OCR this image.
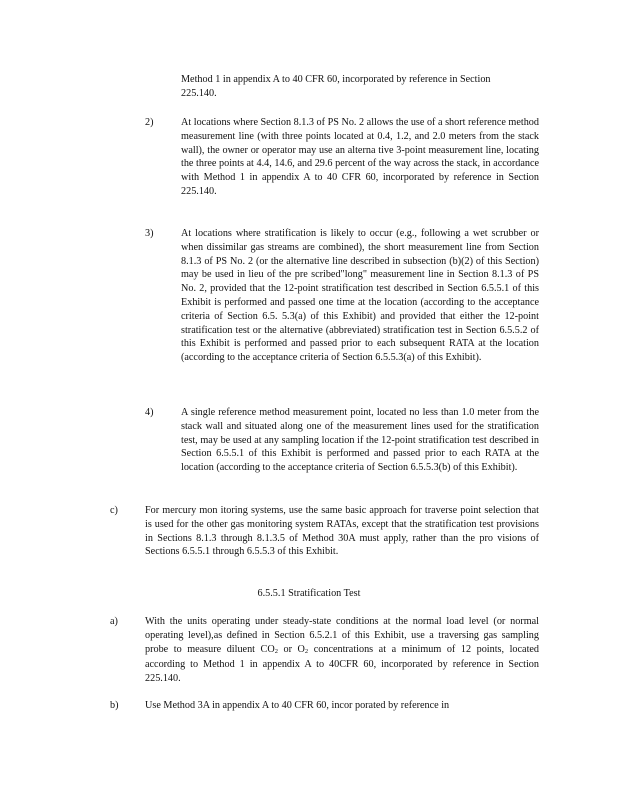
Method 1 in appendix A to 40 CFR 60, incorporated by reference in Section 225.140.
2)	At locations where Section 8.1.3 of PS No. 2 allows the use of a short reference method measurement line (with three points located at 0.4, 1.2, and 2.0 meters from the stack wall), the owner or operator may use an alterna tive 3-point measurement line, locating the three points at 4.4, 14.6, and 29.6 percent of the way across the stack, in accordance with Method 1 in appendix A to 40 CFR 60, incorporated by reference in Section 225.140.
3)	At locations where stratification is likely to occur (e.g., following a wet scrubber or when dissimilar gas streams are combined), the short measurement line from Section 8.1.3 of PS No. 2 (or the alternative line described in subsection (b)(2) of this Section) may be used in lieu of the pre scribed"long" measurement line in Section 8.1.3 of PS No. 2, provided that the 12-point stratification test described in Section 6.5.5.1 of this Exhibit is performed and passed one time at the location (according to the acceptance criteria of Section 6.5. 5.3(a) of this Exhibit) and provided that either the 12-point stratification test or the alternative (abbreviated) stratification test in Section 6.5.5.2 of this Exhibit is performed and passed prior to each subsequent RATA at the location (according to the acceptance criteria of Section 6.5.5.3(a) of this Exhibit).
4)	A single reference method measurement point, located no less than 1.0 meter from the stack wall and situated along one of the measurement lines used for the stratification test, may be used at any sampling location if the 12-point stratification test described in Section 6.5.5.1 of this Exhibit is performed and passed prior to each RATA at the location (according to the acceptance criteria of Section 6.5.5.3(b) of this Exhibit).
c)	For mercury mon itoring systems, use the same basic approach for traverse point selection that is used for the other gas monitoring system RATAs, except that the stratification test provisions in Sections 8.1.3 through 8.1.3.5 of Method 30A must apply, rather than the pro visions of Sections 6.5.5.1 through 6.5.5.3 of this Exhibit.
6.5.5.1 Stratification Test
a)	With the units operating under steady-state conditions at the normal load level (or normal operating level),as defined in Section 6.5.2.1 of this Exhibit, use a traversing gas sampling probe to measure diluent CO2 or O2 concentrations at a minimum of 12 points, located according to Method 1 in appendix A to 40CFR 60, incorporated by reference in Section 225.140.
b)	Use Method 3A in appendix A to 40 CFR 60, incor porated by reference in
